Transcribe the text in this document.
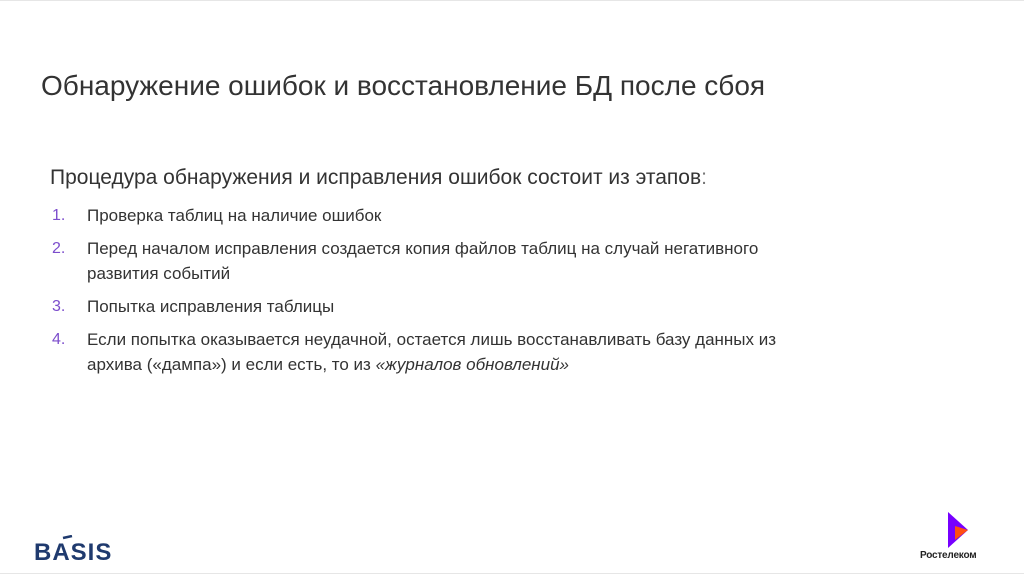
Обнаружение ошибок и восстановление БД после сбоя

Процедура обнаружения и исправления ошибок состоит из этапов:

1. Проверка таблиц на наличие ошибок
2. Перед началом исправления создается копия файлов таблиц на случай негативного развития событий
3. Попытка исправления таблицы
4. Если попытка оказывается неудачной, остается лишь восстанавливать базу данных из архива («дампа») и если есть, то из «журналов обновлений»
BASIS	Ростелеком
